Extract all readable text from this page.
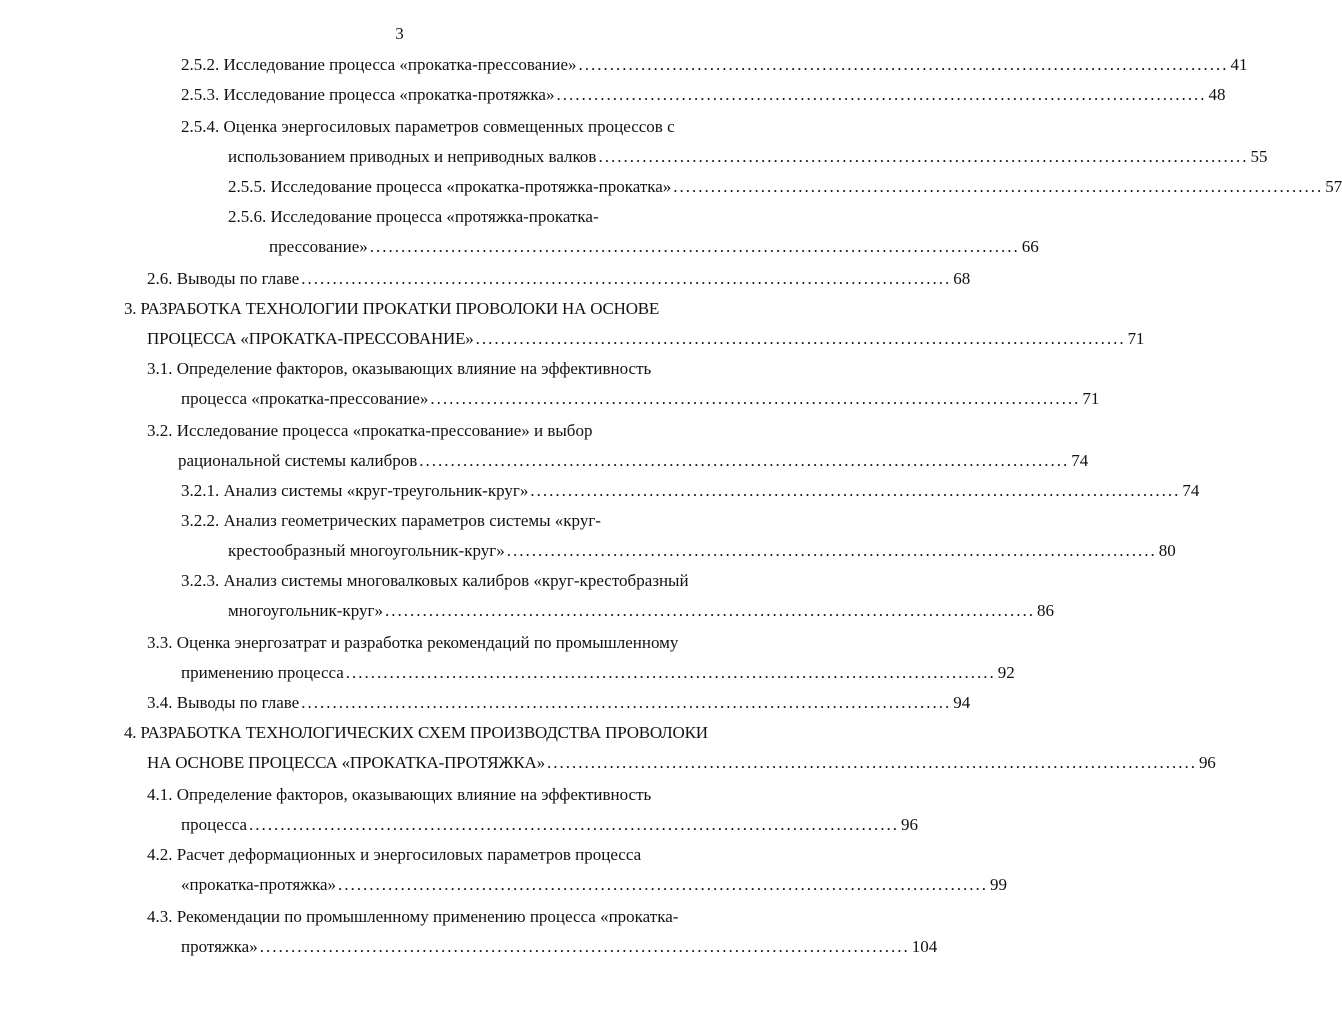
3
2.5.2. Исследование процесса «прокатка-прессование» ........................................................................................................ 41
2.5.3. Исследование процесса «прокатка-протяжка» ........................................................................................................ 48
2.5.4. Оценка энергосиловых параметров совмещенных процессов с
использованием приводных и неприводных валков ........................................................................................................ 55
2.5.5. Исследование процесса «прокатка-протяжка-прокатка» ........................................................................................................ 57
2.5.6. Исследование процесса «протяжка-прокатка-
прессование» ........................................................................................................ 66
2.6. Выводы по главе ........................................................................................................ 68
3. РАЗРАБОТКА ТЕХНОЛОГИИ ПРОКАТКИ ПРОВОЛОКИ НА ОСНОВЕ
ПРОЦЕССА «ПРОКАТКА-ПРЕССОВАНИЕ» ........................................................................................................ 71
3.1. Определение факторов, оказывающих влияние на эффективность
процесса «прокатка-прессование» ........................................................................................................ 71
3.2. Исследование процесса «прокатка-прессование» и выбор
рациональной системы калибров ........................................................................................................ 74
3.2.1. Анализ системы «круг-треугольник-круг» ........................................................................................................ 74
3.2.2. Анализ геометрических параметров системы «круг-
крестообразный многоугольник-круг» ........................................................................................................ 80
3.2.3. Анализ системы многовалковых калибров «круг-крестобразный
многоугольник-круг» ........................................................................................................ 86
3.3. Оценка энергозатрат и разработка рекомендаций по промышленному
применению процесса ........................................................................................................ 92
3.4. Выводы по главе ........................................................................................................ 94
4. РАЗРАБОТКА ТЕХНОЛОГИЧЕСКИХ СХЕМ ПРОИЗВОДСТВА ПРОВОЛОКИ
НА ОСНОВЕ ПРОЦЕССА «ПРОКАТКА-ПРОТЯЖКА» ........................................................................................................ 96
4.1. Определение факторов, оказывающих влияние на эффективность
процесса ........................................................................................................ 96
4.2. Расчет деформационных и энергосиловых параметров процесса
«прокатка-протяжка» ........................................................................................................ 99
4.3. Рекомендации по промышленному применению процесса «прокатка-
протяжка» ........................................................................................................ 104
